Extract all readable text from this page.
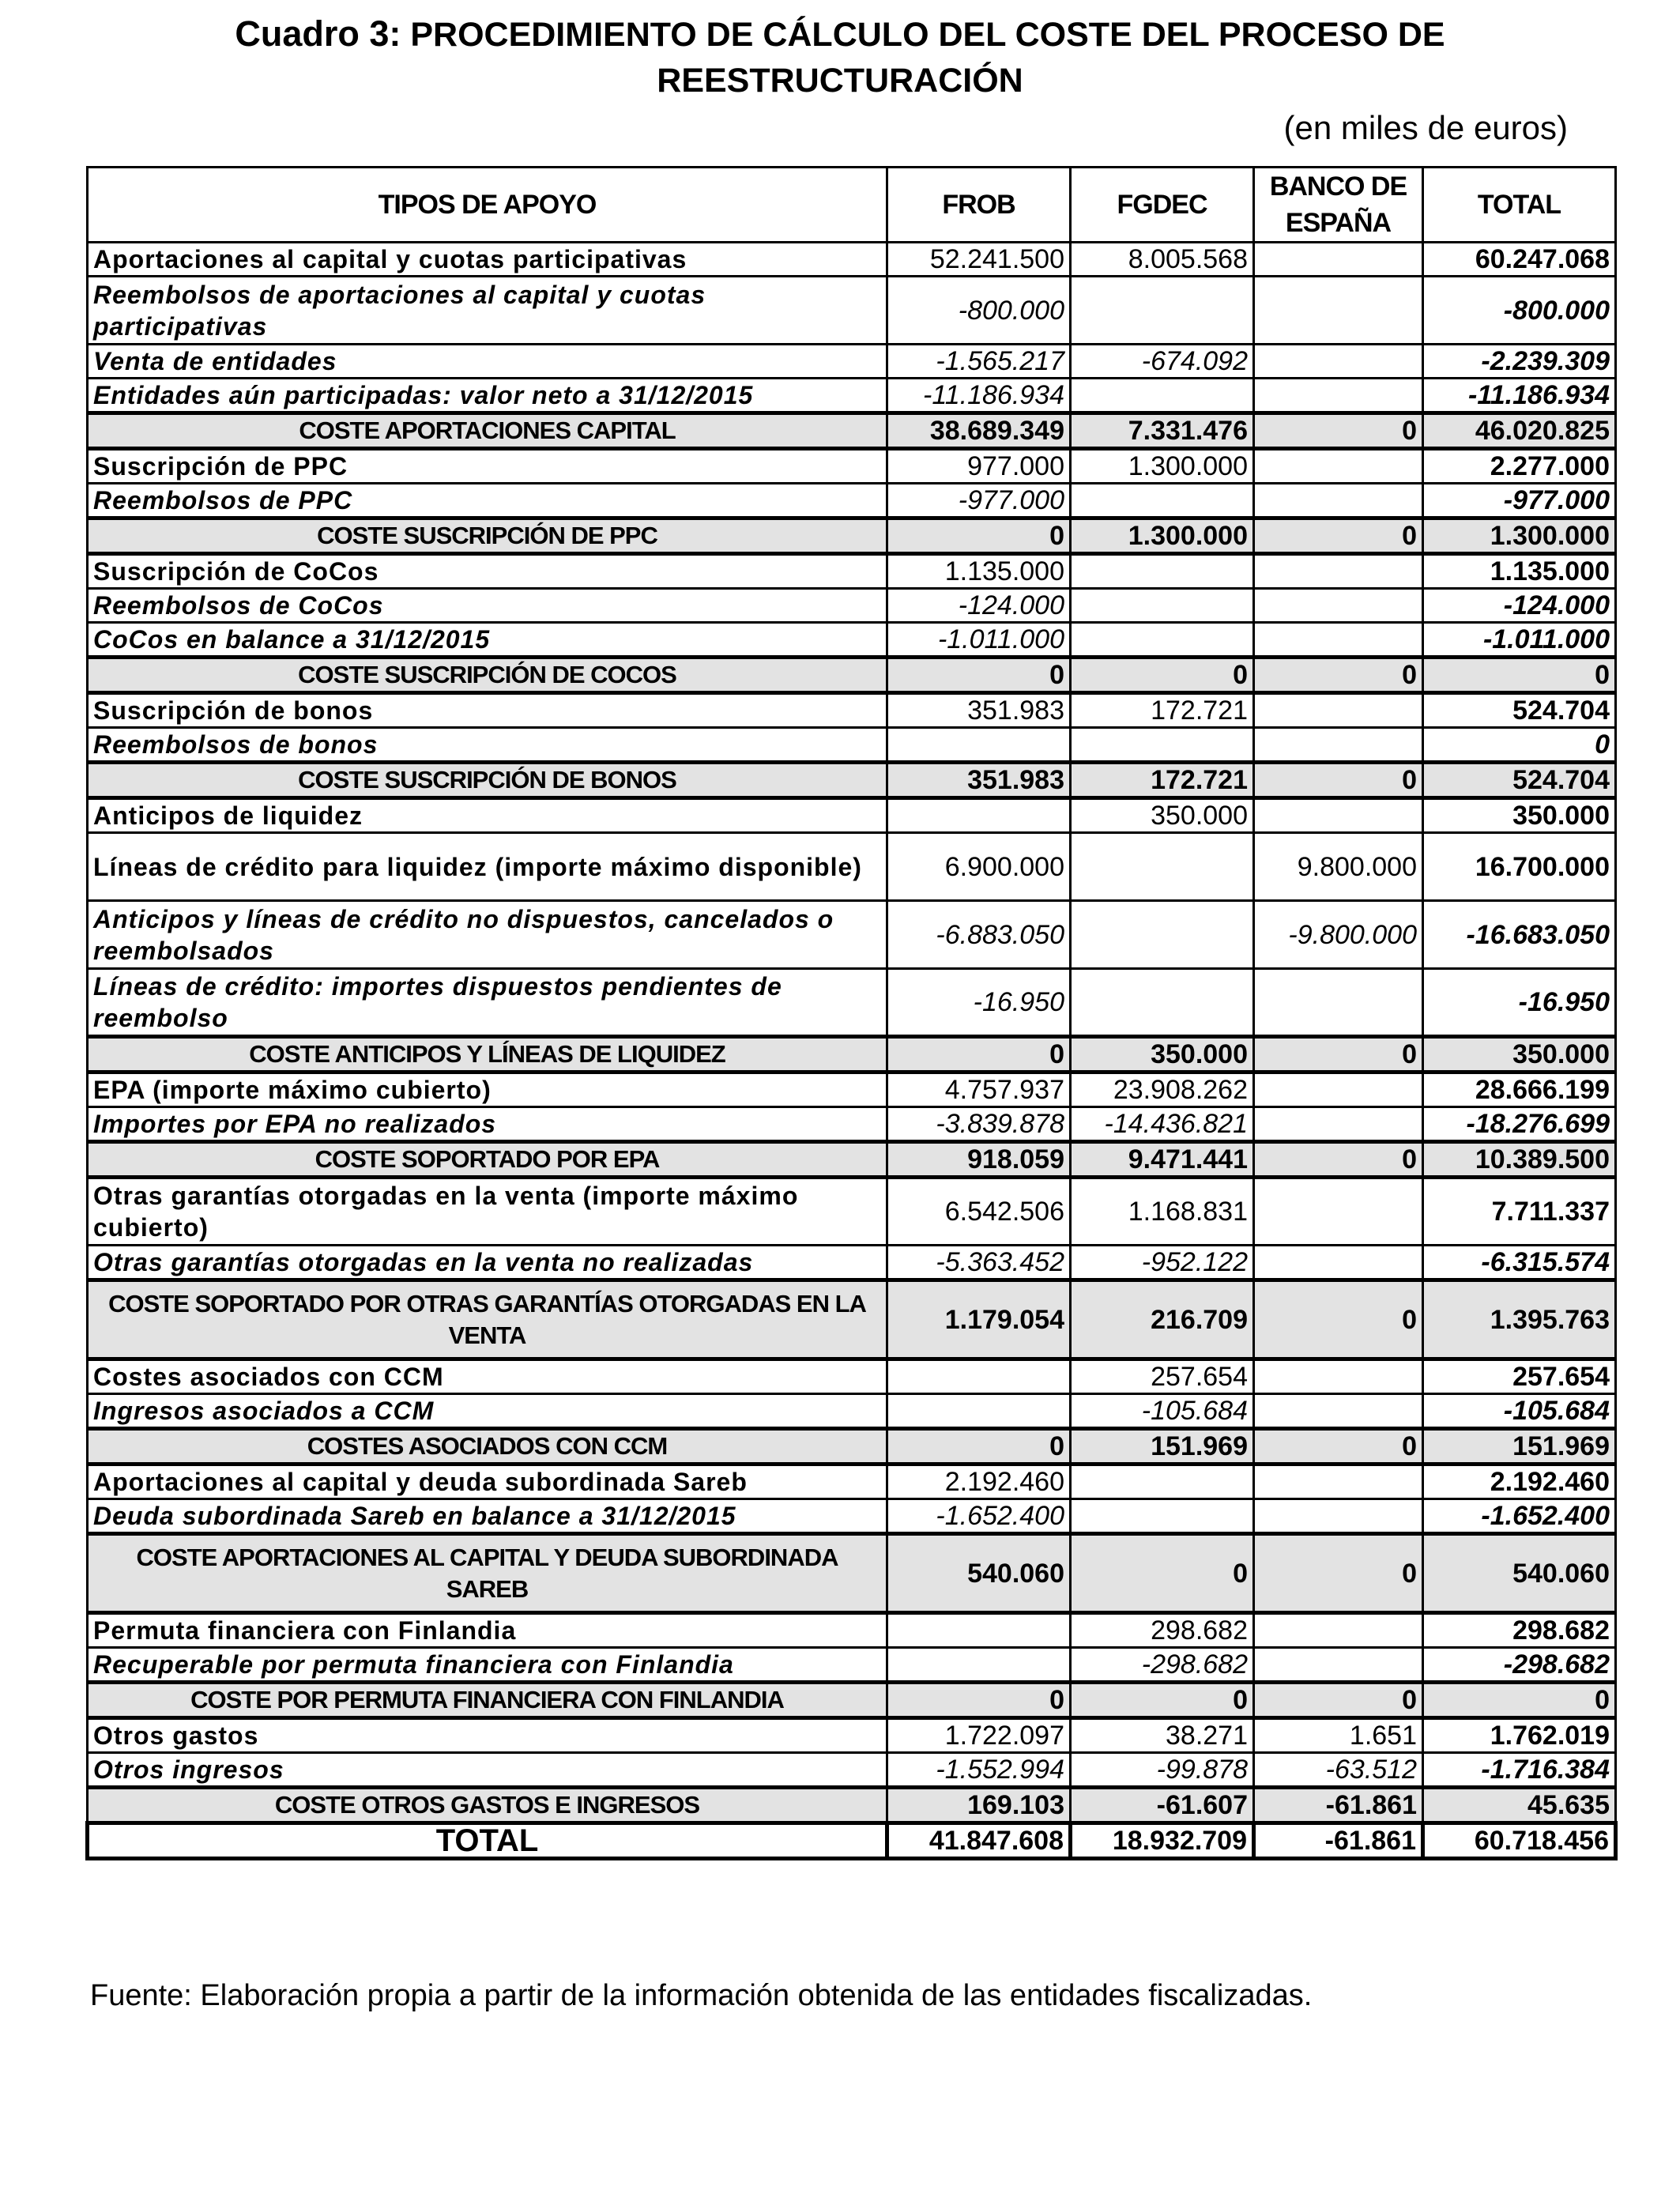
Cuadro 3: PROCEDIMIENTO DE CÁLCULO DEL COSTE DEL PROCESO DE
REESTRUCTURACIÓN
(en miles de euros)
TIPOS DE APOYO	FROB	FGDEC	BANCO DE ESPAÑA	TOTAL
Aportaciones al capital y cuotas participativas	52.241.500	8.005.568		60.247.068
Reembolsos de aportaciones al capital y cuotas participativas	-800.000			-800.000
Venta de entidades	-1.565.217	-674.092		-2.239.309
Entidades aún participadas: valor neto a 31/12/2015	-11.186.934			-11.186.934
COSTE APORTACIONES CAPITAL	38.689.349	7.331.476	0	46.020.825
Suscripción de PPC	977.000	1.300.000		2.277.000
Reembolsos de PPC	-977.000			-977.000
COSTE SUSCRIPCIÓN DE PPC	0	1.300.000	0	1.300.000
Suscripción de CoCos	1.135.000			1.135.000
Reembolsos de CoCos	-124.000			-124.000
CoCos en balance a 31/12/2015	-1.011.000			-1.011.000
COSTE SUSCRIPCIÓN DE COCOS	0	0	0	0
Suscripción de bonos	351.983	172.721		524.704
Reembolsos de bonos				0
COSTE SUSCRIPCIÓN DE BONOS	351.983	172.721	0	524.704
Anticipos de liquidez		350.000		350.000
Líneas de crédito para liquidez (importe máximo disponible)	6.900.000		9.800.000	16.700.000
Anticipos y líneas de crédito no dispuestos, cancelados o reembolsados	-6.883.050		-9.800.000	-16.683.050
Líneas de crédito: importes dispuestos pendientes de reembolso	-16.950			-16.950
COSTE ANTICIPOS Y LÍNEAS DE LIQUIDEZ	0	350.000	0	350.000
EPA (importe máximo cubierto)	4.757.937	23.908.262		28.666.199
Importes por EPA no realizados	-3.839.878	-14.436.821		-18.276.699
COSTE SOPORTADO POR EPA	918.059	9.471.441	0	10.389.500
Otras garantías otorgadas en la venta (importe máximo cubierto)	6.542.506	1.168.831		7.711.337
Otras garantías otorgadas en la venta no realizadas	-5.363.452	-952.122		-6.315.574
COSTE SOPORTADO POR OTRAS GARANTÍAS OTORGADAS EN LA VENTA	1.179.054	216.709	0	1.395.763
Costes asociados con CCM		257.654		257.654
Ingresos asociados a CCM		-105.684		-105.684
COSTES ASOCIADOS CON CCM	0	151.969	0	151.969
Aportaciones al capital y deuda subordinada Sareb	2.192.460			2.192.460
Deuda subordinada Sareb en balance a 31/12/2015	-1.652.400			-1.652.400
COSTE APORTACIONES AL CAPITAL Y DEUDA SUBORDINADA SAREB	540.060	0	0	540.060
Permuta financiera con Finlandia		298.682		298.682
Recuperable por permuta financiera con Finlandia		-298.682		-298.682
COSTE POR PERMUTA FINANCIERA CON FINLANDIA	0	0	0	0
Otros gastos	1.722.097	38.271	1.651	1.762.019
Otros ingresos	-1.552.994	-99.878	-63.512	-1.716.384
COSTE OTROS GASTOS E INGRESOS	169.103	-61.607	-61.861	45.635
TOTAL	41.847.608	18.932.709	-61.861	60.718.456
Fuente: Elaboración propia a partir de la información obtenida de las entidades fiscalizadas.
